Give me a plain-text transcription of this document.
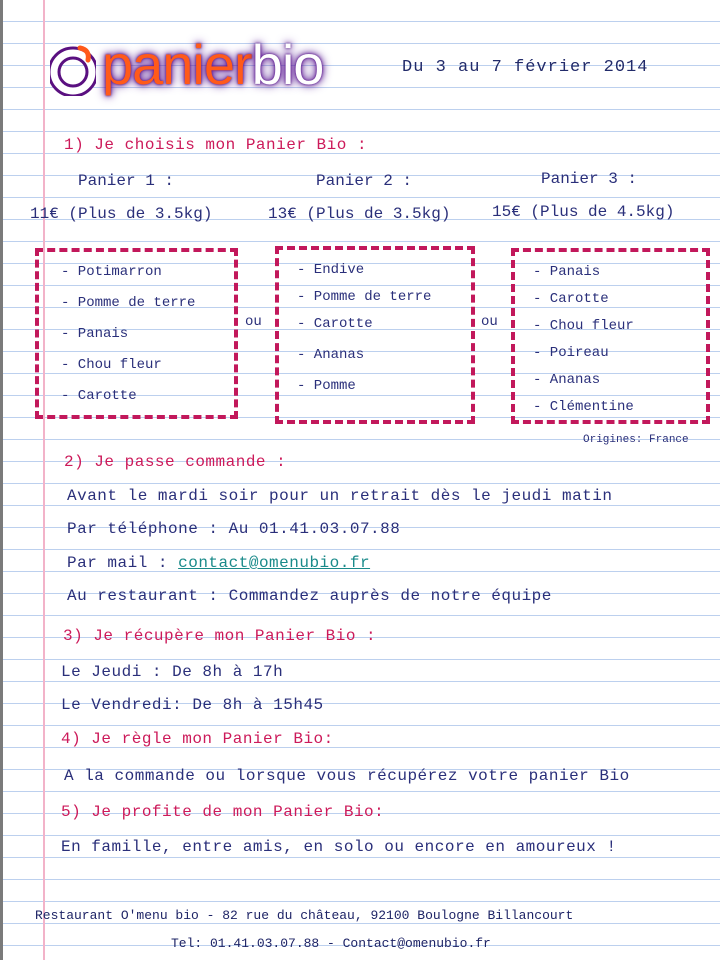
panierbio	Du 3 au 7 février 2014
1) Je choisis mon Panier Bio :
Panier 1 :	Panier 2 :	Panier 3 :
11€ (Plus de 3.5kg)	13€ (Plus de 3.5kg)	15€ (Plus de 4.5kg)
- Potimarron
- Pomme de terre
- Panais
- Chou fleur
- Carotte
ou
- Endive
- Pomme de terre
- Carotte
- Ananas
- Pomme
ou
- Panais
- Carotte
- Chou fleur
- Poireau
- Ananas
- Clémentine
Origines: France
2) Je passe commande :
Avant le mardi soir pour un retrait dès le jeudi matin
Par téléphone : Au 01.41.03.07.88
Par mail : contact@omenubio.fr
Au restaurant : Commandez auprès de notre équipe
3) Je récupère mon Panier Bio :
Le Jeudi : De 8h à 17h
Le Vendredi: De 8h à 15h45
4) Je règle mon Panier Bio:
A la commande ou lorsque vous récupérez votre panier Bio
5) Je profite de mon Panier Bio:
En famille, entre amis, en solo ou encore en amoureux !
Restaurant O'menu bio - 82 rue du château, 92100 Boulogne Billancourt
Tel: 01.41.03.07.88 - Contact@omenubio.fr
